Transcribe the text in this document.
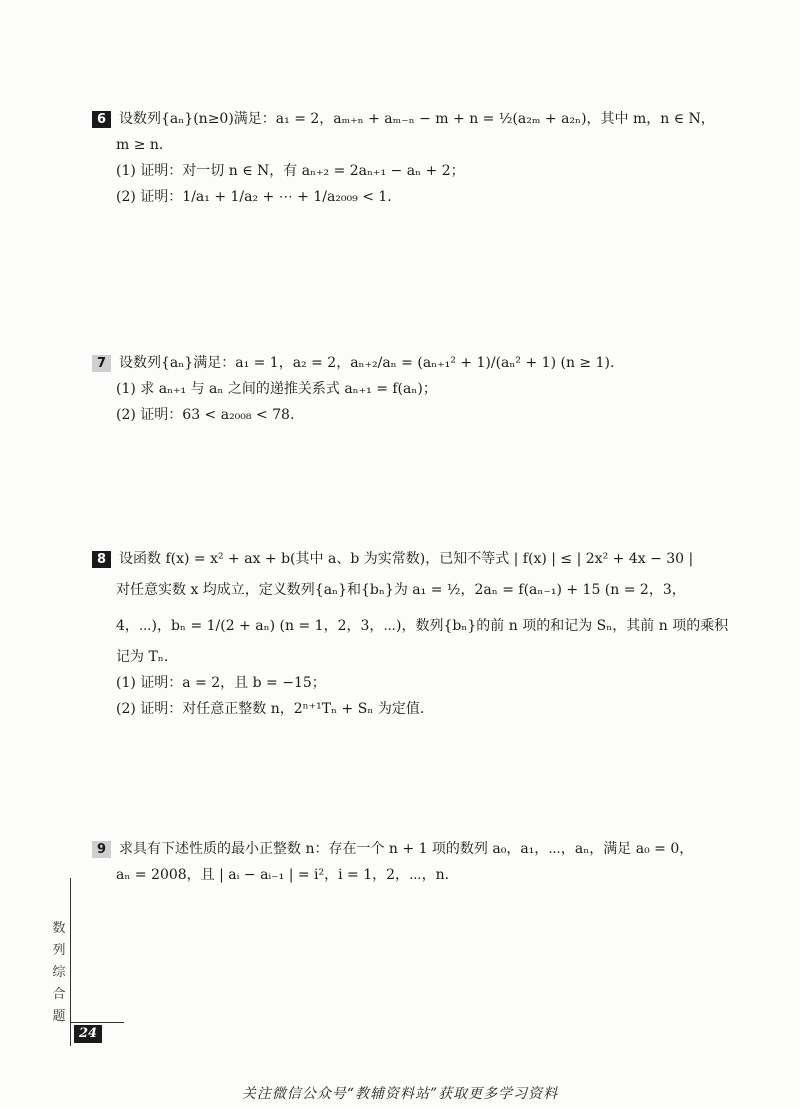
6 设数列{aₙ}(n≥0)满足：a₁ = 2，aₘ₊ₙ + aₘ₋ₙ − m + n = ½(a₂ₘ + a₂ₙ)，其中 m，n ∈ N，
m ≥ n.
(1) 证明：对一切 n ∈ N，有 aₙ₊₂ = 2aₙ₊₁ − aₙ + 2；
(2) 证明：1/a₁ + 1/a₂ + ⋯ + 1/a₂₀₀₉ < 1.
7 设数列{aₙ}满足：a₁ = 1，a₂ = 2，aₙ₊₂/aₙ = (aₙ₊₁² + 1)/(aₙ² + 1) (n ≥ 1).
(1) 求 aₙ₊₁ 与 aₙ 之间的递推关系式 aₙ₊₁ = f(aₙ)；
(2) 证明：63 < a₂₀₀₈ < 78.
8 设函数 f(x) = x² + ax + b(其中 a、b 为实常数)，已知不等式 | f(x) | ≤ | 2x² + 4x − 30 |
对任意实数 x 均成立，定义数列{aₙ}和{bₙ}为 a₁ = ½，2aₙ = f(aₙ₋₁) + 15 (n = 2，3，
4，⋯)，bₙ = 1/(2 + aₙ) (n = 1，2，3，⋯)，数列{bₙ}的前 n 项的和记为 Sₙ，其前 n 项的乘积
记为 Tₙ.
(1) 证明：a = 2，且 b = −15；
(2) 证明：对任意正整数 n，2ⁿ⁺¹Tₙ + Sₙ 为定值.
9 求具有下述性质的最小正整数 n：存在一个 n + 1 项的数列 a₀，a₁，⋯，aₙ，满足 a₀ = 0，
aₙ = 2008，且 | aᵢ − aᵢ₋₁ | = i²，i = 1，2，⋯，n.
数
列
综
合
题
24
关注微信公众号“教辅资料站”获取更多学习资料
